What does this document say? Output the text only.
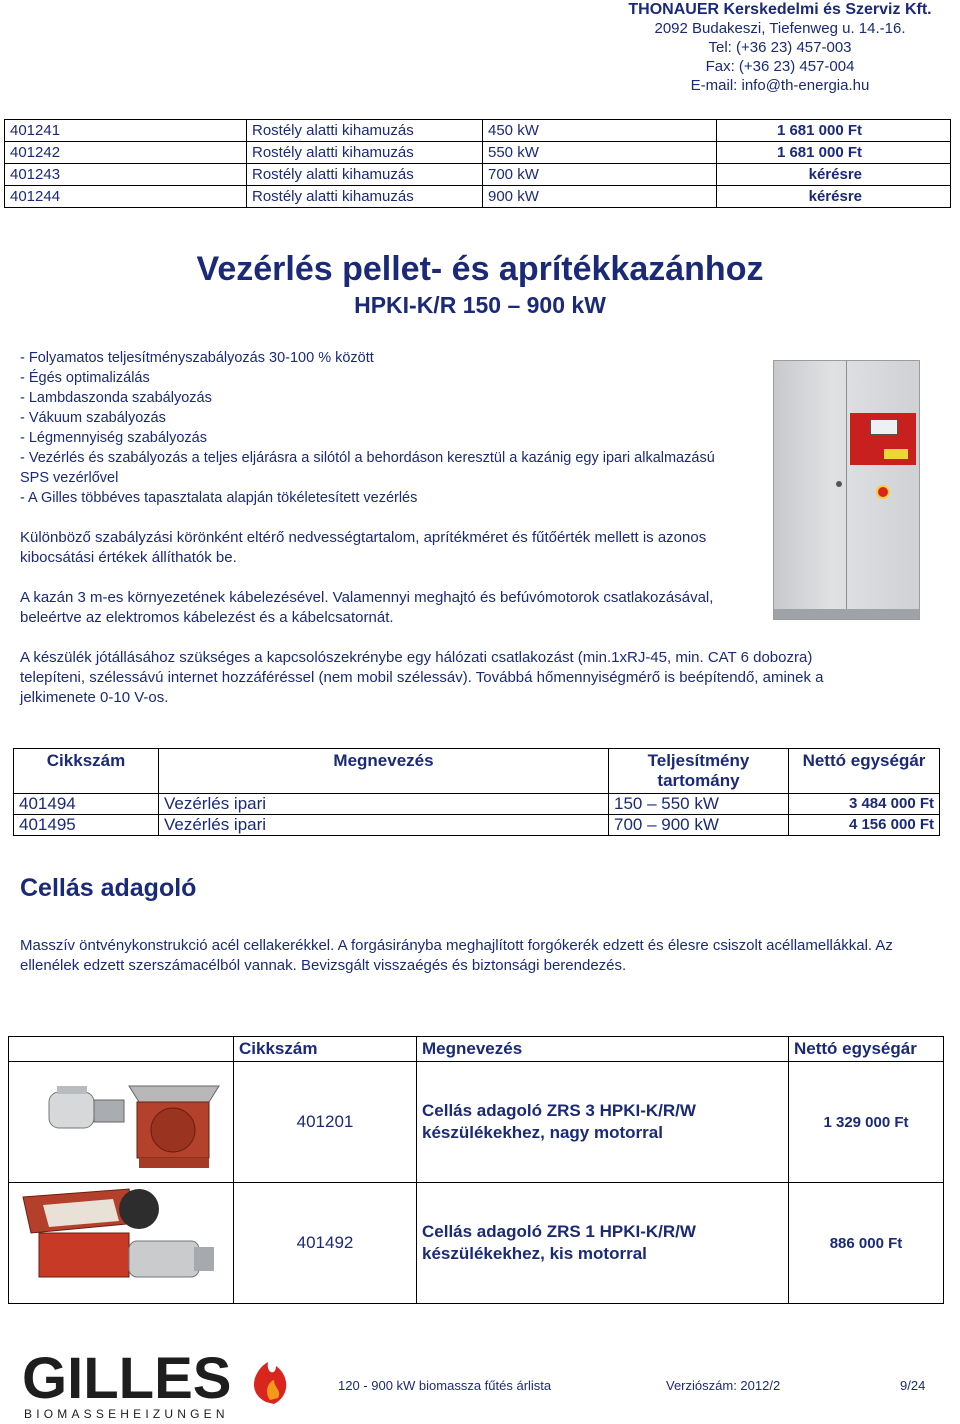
THONAUER Kerskedelmi és Szerviz Kft.
2092 Budakeszi, Tiefenweg u. 14.-16.
Tel: (+36 23) 457-003
Fax: (+36 23) 457-004
E-mail: info@th-energia.hu
401241	Rostély alatti kihamuzás	450 kW	1 681 000 Ft
401242	Rostély alatti kihamuzás	550 kW	1 681 000 Ft
401243	Rostély alatti kihamuzás	700 kW	kérésre
401244	Rostély alatti kihamuzás	900 kW	kérésre
Vezérlés pellet- és aprítékkazánhoz
HPKI-K/R 150 – 900 kW
- Folyamatos teljesítményszabályozás 30-100 % között
- Égés optimalizálás
- Lambdaszonda szabályozás
- Vákuum szabályozás
- Légmennyiség szabályozás
- Vezérlés és szabályozás a teljes eljárásra a silótól a behordáson keresztül a kazánig egy ipari alkalmazású SPS vezérlővel
- A Gilles többéves tapasztalata alapján tökéletesített vezérlés
Különböző szabályzási körönként eltérő nedvességtartalom, aprítékméret és fűtőérték mellett is azonos kibocsátási értékek állíthatók be.
A kazán 3 m-es környezetének kábelezésével. Valamennyi meghajtó és befúvómotorok csatlakozásával, beleértve az elektromos kábelezést és a kábelcsatornát.
A készülék jótállásához szükséges a kapcsolószekrénybe egy hálózati csatlakozást (min.1xRJ-45, min. CAT 6 dobozra) telepíteni, szélessávú internet hozzáféréssel (nem mobil szélessáv). Továbbá hőmennyiségmérő is beépítendő, aminek a jelkimenete 0-10 V-os.
Cikkszám	Megnevezés	Teljesítmény tartomány	Nettó egységár
401494	Vezérlés ipari	150 – 550 kW	3 484 000 Ft
401495	Vezérlés ipari	700 – 900 kW	4 156 000 Ft
Cellás adagoló
Masszív öntvénykonstrukció acél cellakerékkel. A forgásirányba meghajlított forgókerék edzett és élesre csiszolt acéllamellákkal. Az ellenélek edzett szerszámacélból vannak. Bevizsgált visszaégés és biztonsági berendezés.
	Cikkszám	Megnevezés	Nettó egységár
	401201	Cellás adagoló ZRS 3 HPKI-K/R/W készülékekhez, nagy motorral	1 329 000 Ft
	401492	Cellás adagoló ZRS 1 HPKI-K/R/W készülékekhez, kis motorral	886 000 Ft
GILLES
BIOMASSEHEIZUNGEN
120 - 900 kW biomassza fűtés árlista	Verziószám: 2012/2	9/24
